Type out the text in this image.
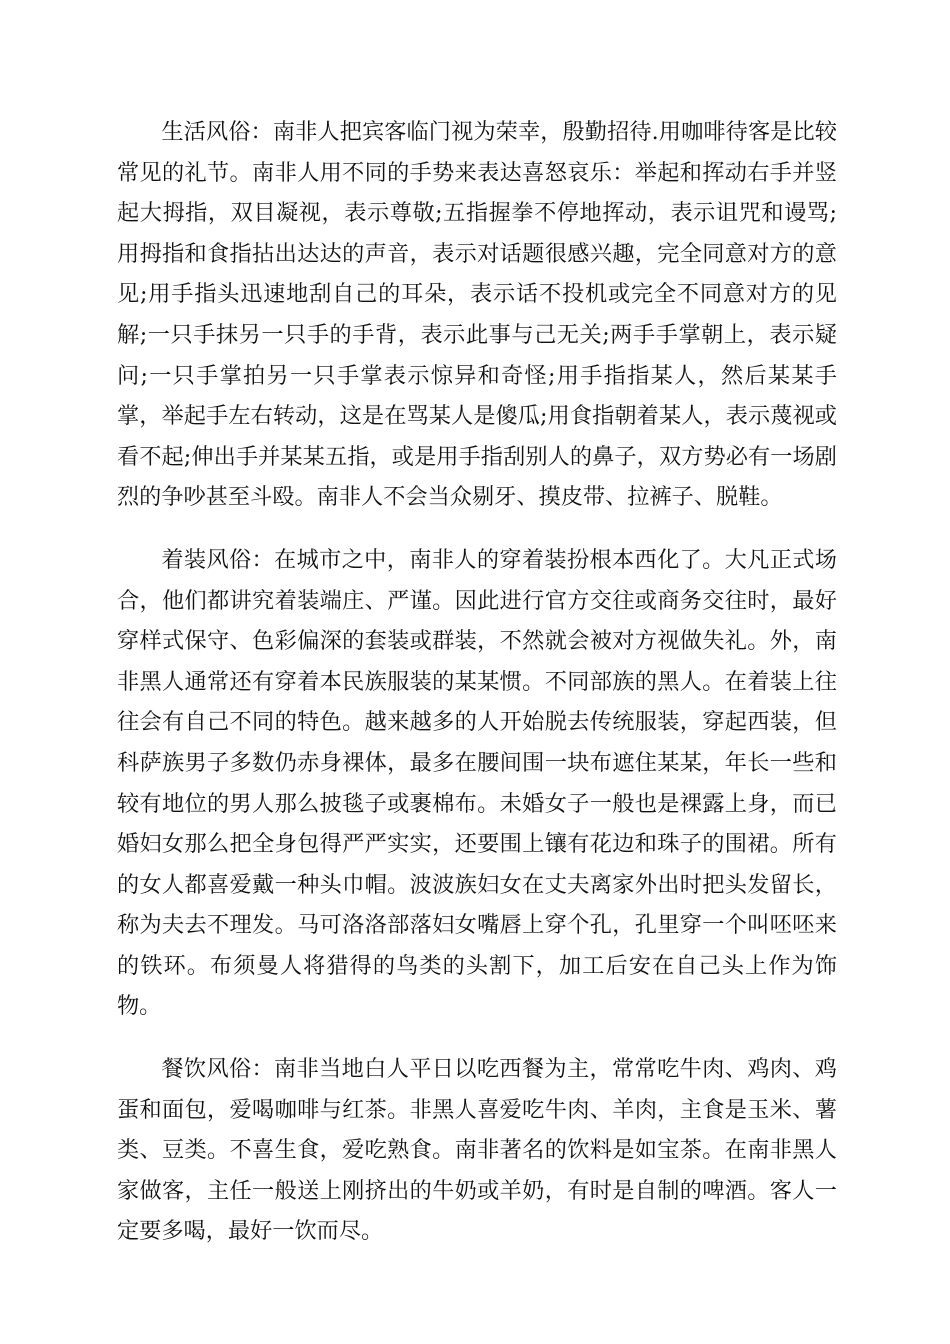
生活风俗：南非人把宾客临门视为荣幸，殷勤招待.用咖啡待客是比较常见的礼节。南非人用不同的手势来表达喜怒哀乐：举起和挥动右手并竖起大拇指，双目凝视，表示尊敬;五指握拳不停地挥动，表示诅咒和谩骂;用拇指和食指拈出达达的声音，表示对话题很感兴趣，完全同意对方的意见;用手指头迅速地刮自己的耳朵，表示话不投机或完全不同意对方的见解;一只手抹另一只手的手背，表示此事与己无关;两手手掌朝上，表示疑问;一只手掌拍另一只手掌表示惊异和奇怪;用手指指某人，然后某某手掌，举起手左右转动，这是在骂某人是傻瓜;用食指朝着某人，表示蔑视或看不起;伸出手并某某五指，或是用手指刮别人的鼻子，双方势必有一场剧烈的争吵甚至斗殴。南非人不会当众剔牙、摸皮带、拉裤子、脱鞋。

着装风俗：在城市之中，南非人的穿着装扮根本西化了。大凡正式场合，他们都讲究着装端庄、严谨。因此进行官方交往或商务交往时，最好穿样式保守、色彩偏深的套装或群装，不然就会被对方视做失礼。外，南非黑人通常还有穿着本民族服装的某某惯。不同部族的黑人。在着装上往往会有自己不同的特色。越来越多的人开始脱去传统服装，穿起西装，但科萨族男子多数仍赤身裸体，最多在腰间围一块布遮住某某，年长一些和较有地位的男人那么披毯子或裹棉布。未婚女子一般也是裸露上身，而已婚妇女那么把全身包得严严实实，还要围上镶有花边和珠子的围裙。所有的女人都喜爱戴一种头巾帽。波波族妇女在丈夫离家外出时把头发留长，称为夫去不理发。马可洛洛部落妇女嘴唇上穿个孔，孔里穿一个叫呸呸来的铁环。布须曼人将猎得的鸟类的头割下，加工后安在自己头上作为饰物。

餐饮风俗：南非当地白人平日以吃西餐为主，常常吃牛肉、鸡肉、鸡蛋和面包，爱喝咖啡与红茶。非黑人喜爱吃牛肉、羊肉，主食是玉米、薯类、豆类。不喜生食，爱吃熟食。南非著名的饮料是如宝茶。在南非黑人家做客，主任一般送上刚挤出的牛奶或羊奶，有时是自制的啤酒。客人一定要多喝，最好一饮而尽。
